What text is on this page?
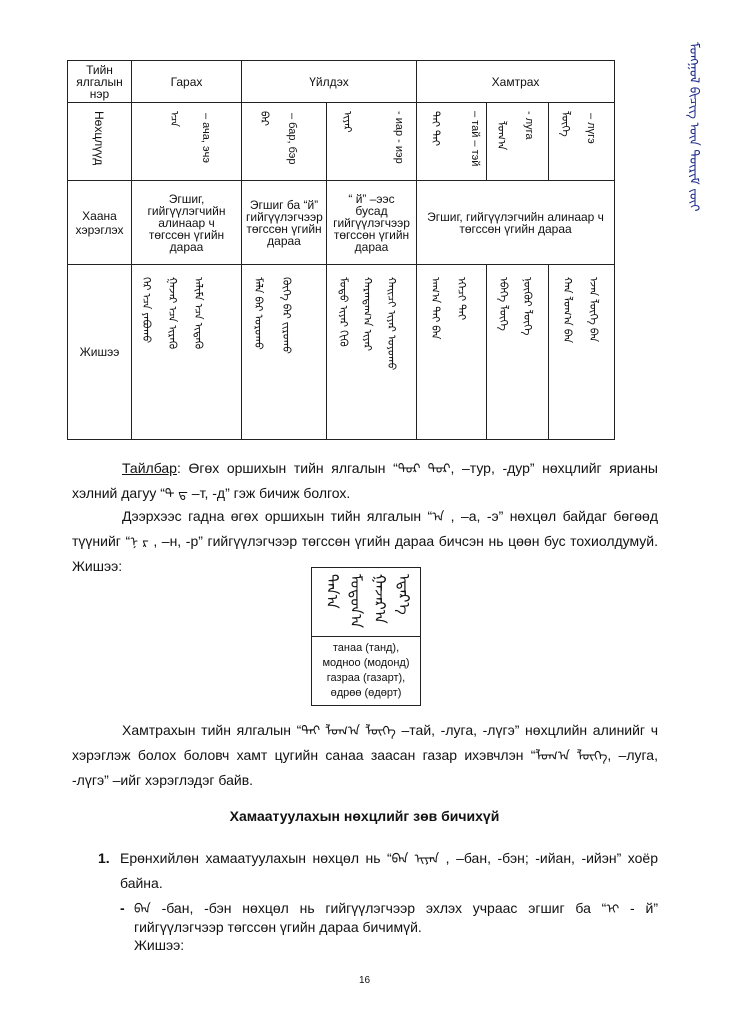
ᠮᠣᠩᠭᠣᠯ ᠪᠢᠴᠢᠭ ᠦᠨ ᠳᠦᠷᠢᠮ ᠵᠦᠢ
Тийн ялгалын нэр	Гарах	Үйлдэх		Хамтрах		

Нөхцлүүд	ᠡᠴᠡ – ача, эчэ	ᠪᠠᠷ – бар, бэр	ᠢᠶᠠᠷ - иар - иэр	ᠲᠠᠢ ᠲᠡᠢ – тай – тэй	ᠯᠤᠭ᠎ᠠ - луга	ᠯᠦᠭᠡ – лүгэ

Хаана хэрэглэх	Эгшиг, гийгүүлэгчийн алинаар ч төгссөн үгийн дараа	Эгшиг ба “й” гийгүүлэгчээр төгссөн үгийн дараа	“ й” –ээс бусад гийгүүлэгчээр төгссөн үгийн дараа	Эгшиг, гийгүүлэгчийн алинаар ч төгссөн үгийн дараа		

Жишээ	ᠭᠡᠷ ᠡᠴᠡ ᠶᠠᠪᠤᠬᠤ ᠭᠠᠵᠠᠷ ᠡᠴᠡ ᠢᠷᠡᠬᠦ ᠠᠯᠢᠮᠠ ᠡᠴᠡ ᠢᠳᠡᠬᠦ	ᠮᠠᠯᠠ ᠪᠠᠷ ᠤᠷᠤᠬᠤ ᠬᠥᠭᠡ ᠪᠡᠷ ᠵᠢᠷᠤᠬᠤ	ᠮᠣᠳᠣ ᠢᠶᠠᠷ ᠬᠢᠬᠦ ᠬᠠᠷᠠᠨᠳᠠᠭ᠎ᠠ ᠢᠶᠠᠷ ᠬᠠᠢᠴᠢ ᠢᠶᠠᠷ ᠣᠶᠣᠬᠤ	ᠠᠬ᠎ᠠ ᠲᠠᠢ ᠪᠠᠨ ᠡᠭᠡᠴᠢ ᠲᠡᠢ	ᠡᠪᠡᠭᠡ ᠯᠦᠭᠡ ᠨᠥᠬᠦᠷ ᠯᠦᠭᠡ	ᠬᠠᠨ ᠯᠤᠭ᠎ᠠ ᠪᠡᠨ ᠡᠵᠡᠨ ᠯᠦᠭᠡ ᠪᠡᠨ
Тайлбар: Өгөх оршихын тийн ялгалын “ᠲᠤᠷ ᠳᠤᠷ, –тур, -дур” нөхцлийг ярианы хэлний дагуу “ᠲ ᠳ –т, -д” гэж бичиж болгох.
Дээрхээс гадна өгөх оршихын тийн ялгалын “ᠠ , –а, -э” нөхцөл байдаг бөгөөд түүнийг “ᠨ ᠷ , –н, -р” гийгүүлэгчээр төгссөн үгийн дараа бичсэн нь цөөн бус тохиолдумуй. Жишээ:
ᠲᠠᠨ᠎ᠠ ᠮᠣᠳᠣᠨ᠎ᠠ ᠭᠠᠵᠠᠷ᠎ᠠ ᠡᠳᠡᠷ᠎ᠡ
танаа (танд),
модноо (модонд)
газраа (газарт),
өдрөө (өдөрт)
Хамтрахын тийн ялгалын “ᠲᠠᠢ ᠯᠤᠭ᠎ᠠ ᠯᠦᠭᠡ –тай, -луга, -лүгэ” нөхцлийн алинийг ч хэрэглэж болох боловч хамт цугийн санаа заасан газар ихэвчлэн “ᠯᠤᠭ᠎ᠠ ᠯᠦᠭᠡ, –луга, -лүгэ” –ийг хэрэглэдэг байв.
Хамаатуулахын нөхцлийг зөв бичихүй
1. Ерөнхийлөн хамаатуулахын нөхцөл нь “ᠪᠠᠨ ᠢᠶᠠᠨ , –бан, -бэн; -ийан, -ийэн” хоёр байна.
- ᠪᠠᠨ -бан, -бэн нөхцөл нь гийгүүлэгчээр эхлэх учраас эгшиг ба “ᠢ - й” гийгүүлэгчээр төгссөн үгийн дараа бичимүй.
Жишээ:
16
